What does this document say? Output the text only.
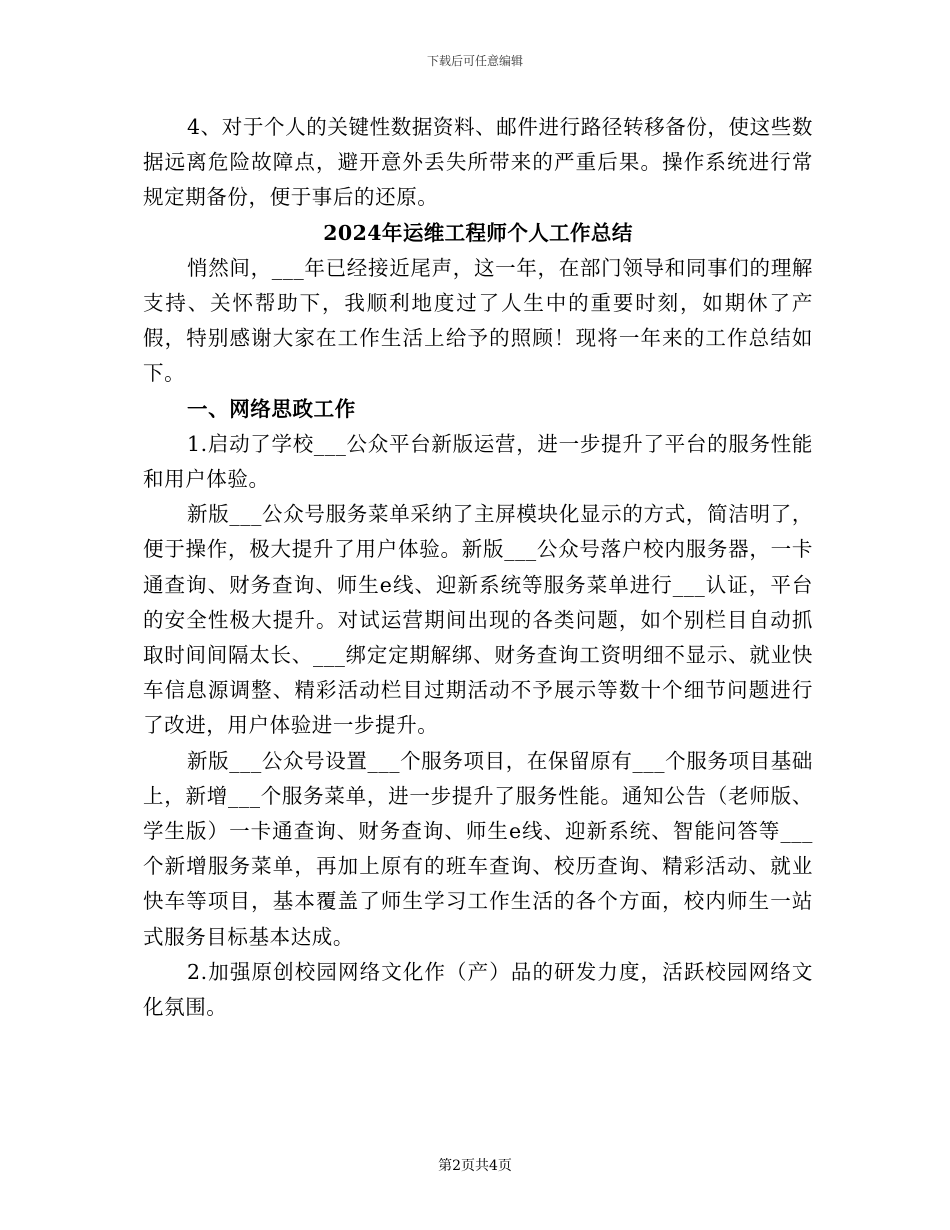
下载后可任意编辑

4、对于个人的关键性数据资料、邮件进行路径转移备份，使这些数据远离危险故障点，避开意外丢失所带来的严重后果。操作系统进行常规定期备份，便于事后的还原。

2024年运维工程师个人工作总结

悄然间，___年已经接近尾声，这一年，在部门领导和同事们的理解支持、关怀帮助下，我顺利地度过了人生中的重要时刻，如期休了产假，特别感谢大家在工作生活上给予的照顾！现将一年来的工作总结如下。

一、网络思政工作

1.启动了学校___公众平台新版运营，进一步提升了平台的服务性能和用户体验。

新版___公众号服务菜单采纳了主屏模块化显示的方式，简洁明了，便于操作，极大提升了用户体验。新版___公众号落户校内服务器，一卡通查询、财务查询、师生e线、迎新系统等服务菜单进行___认证，平台的安全性极大提升。对试运营期间出现的各类问题，如个别栏目自动抓取时间间隔太长、___绑定定期解绑、财务查询工资明细不显示、就业快车信息源调整、精彩活动栏目过期活动不予展示等数十个细节问题进行了改进，用户体验进一步提升。

新版___公众号设置___个服务项目，在保留原有___个服务项目基础上，新增___个服务菜单，进一步提升了服务性能。通知公告（老师版、学生版）一卡通查询、财务查询、师生e线、迎新系统、智能问答等___个新增服务菜单，再加上原有的班车查询、校历查询、精彩活动、就业快车等项目，基本覆盖了师生学习工作生活的各个方面，校内师生一站式服务目标基本达成。

2.加强原创校园网络文化作（产）品的研发力度，活跃校园网络文化氛围。

第2页共4页
